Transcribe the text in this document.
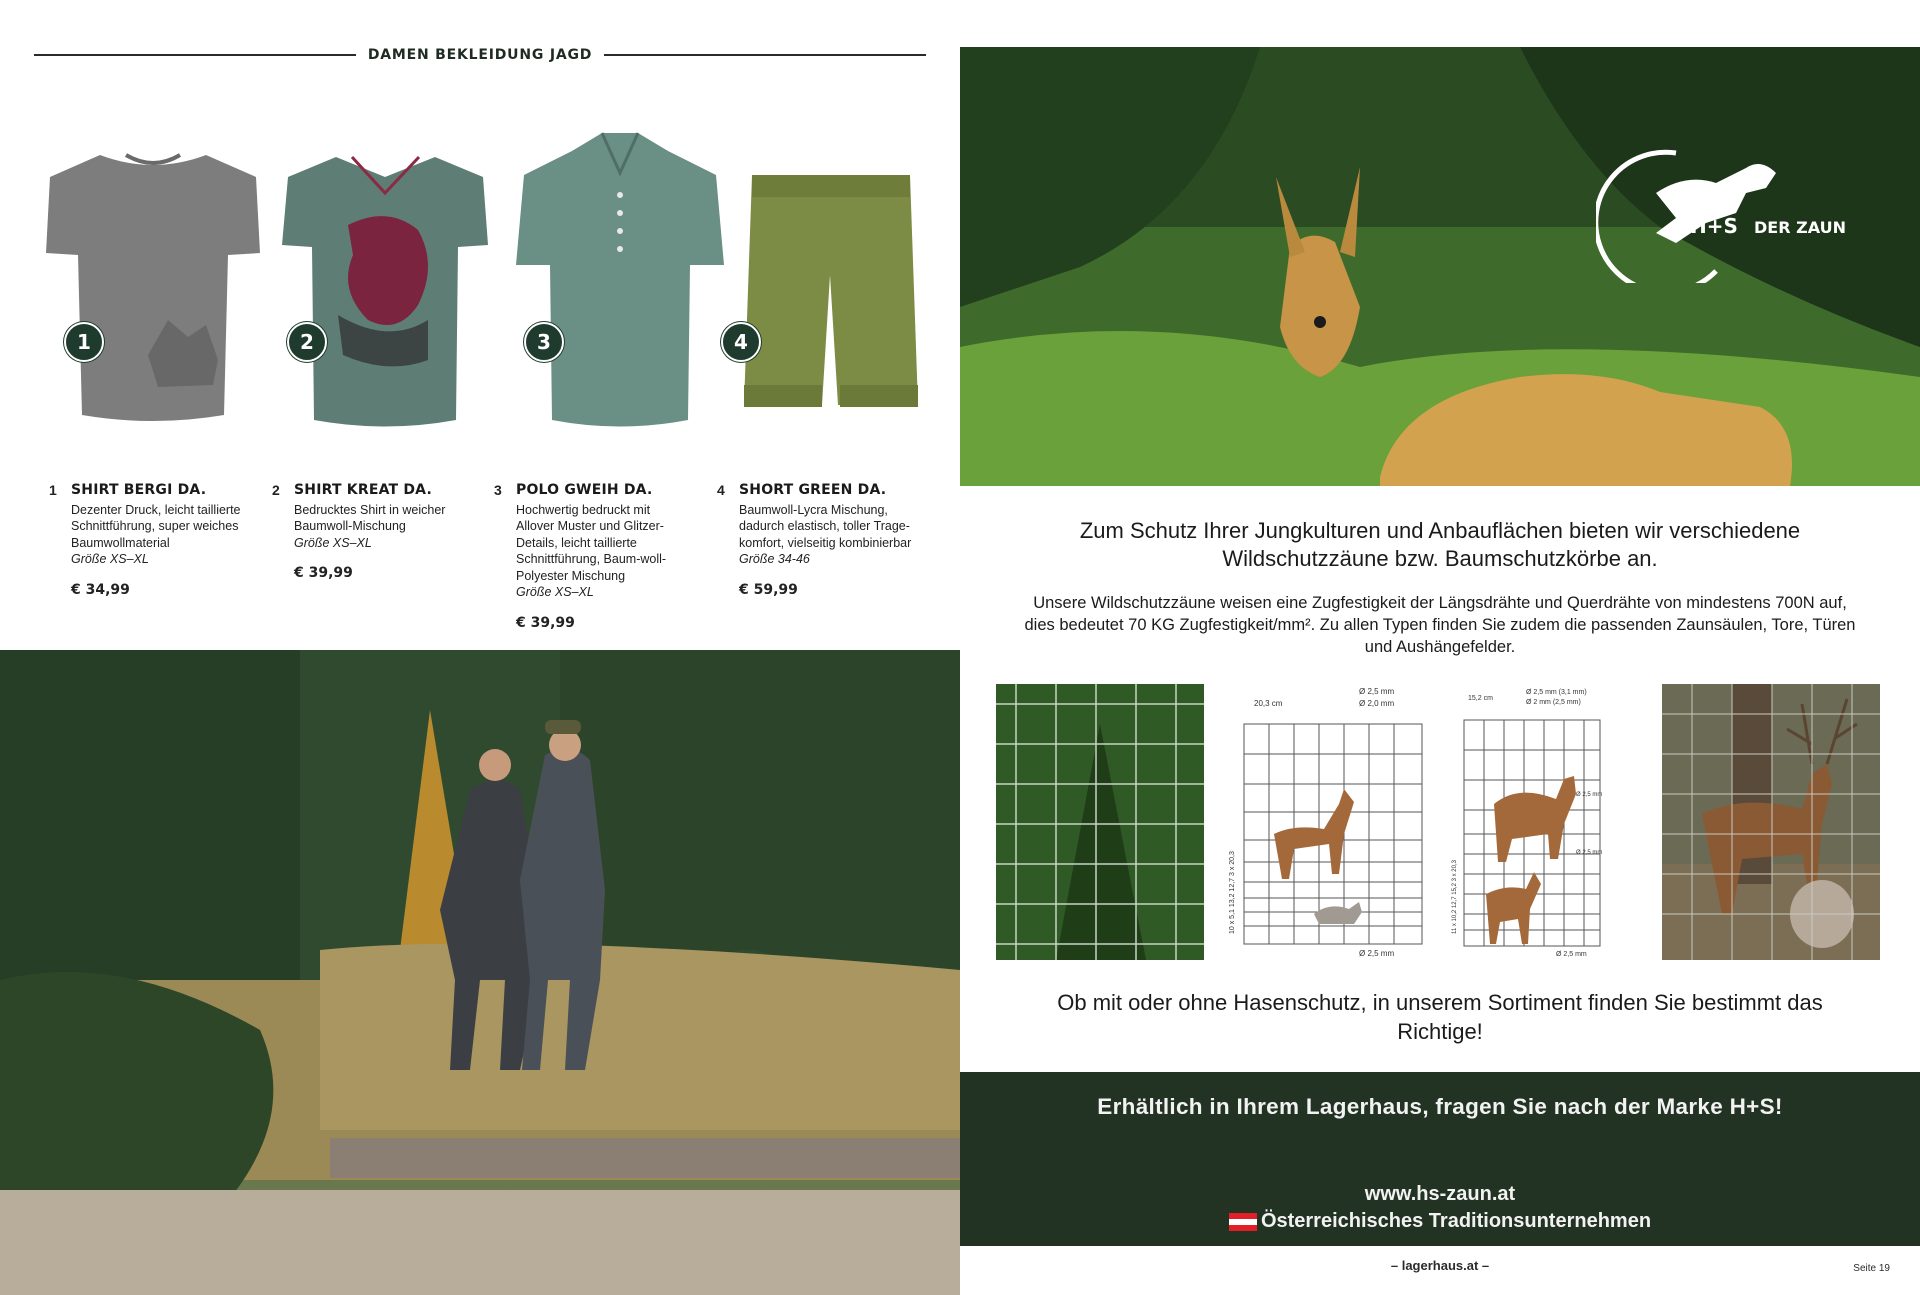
DAMEN BEKLEIDUNG JAGD
1	2	3	4
1 SHIRT BERGI DA.
Dezenter Druck, leicht taillierte Schnittführung, super weiches Baumwollmaterial
Größe XS–XL
€ 34,99
2 SHIRT KREAT DA.
Bedrucktes Shirt in weicher Baumwoll-Mischung
Größe XS–XL
€ 39,99
3 POLO GWEIH DA.
Hochwertig bedruckt mit Allover Muster und Glitzer-Details, leicht taillierte Schnittführung, Baum-woll-Polyester Mischung
Größe XS–XL
€ 39,99
4 SHORT GREEN DA.
Baumwoll-Lycra Mischung, dadurch elastisch, toller Trage-komfort, vielseitig kombinierbar
Größe 34-46
€ 59,99
H+S DER ZAUN
Zum Schutz Ihrer Jungkulturen und Anbauflächen bieten wir verschiedene Wildschutzzäune bzw. Baumschutzkörbe an.
Unsere Wildschutzzäune weisen eine Zugfestigkeit der Längsdrähte und Querdrähte von mindestens 700N auf, dies bedeutet 70 KG Zugfestigkeit/mm². Zu allen Typen finden Sie zudem die passenden Zaunsäulen, Tore, Türen und Aushängefelder.
20,3 cm
Ø 2,5 mm
Ø 2,0 mm
Ø 2,5 mm
10 x 5,1 13,2 12,7 3 x 20,3
15,2 cm
Ø 2,5 mm (3,1 mm)
Ø 2 mm (2,5 mm)
Ø 2,5 mm
Ø 2,5 mm
Ø 2,5 mm
11 x 10,2 12,7 15,2 3 x 20,3
Ob mit oder ohne Hasenschutz, in unserem Sortiment finden Sie bestimmt das Richtige!
Erhältlich in Ihrem Lagerhaus, fragen Sie nach der Marke H+S!
www.hs-zaun.at
Österreichisches Traditionsunternehmen
– lagerhaus.at –	Seite 19
